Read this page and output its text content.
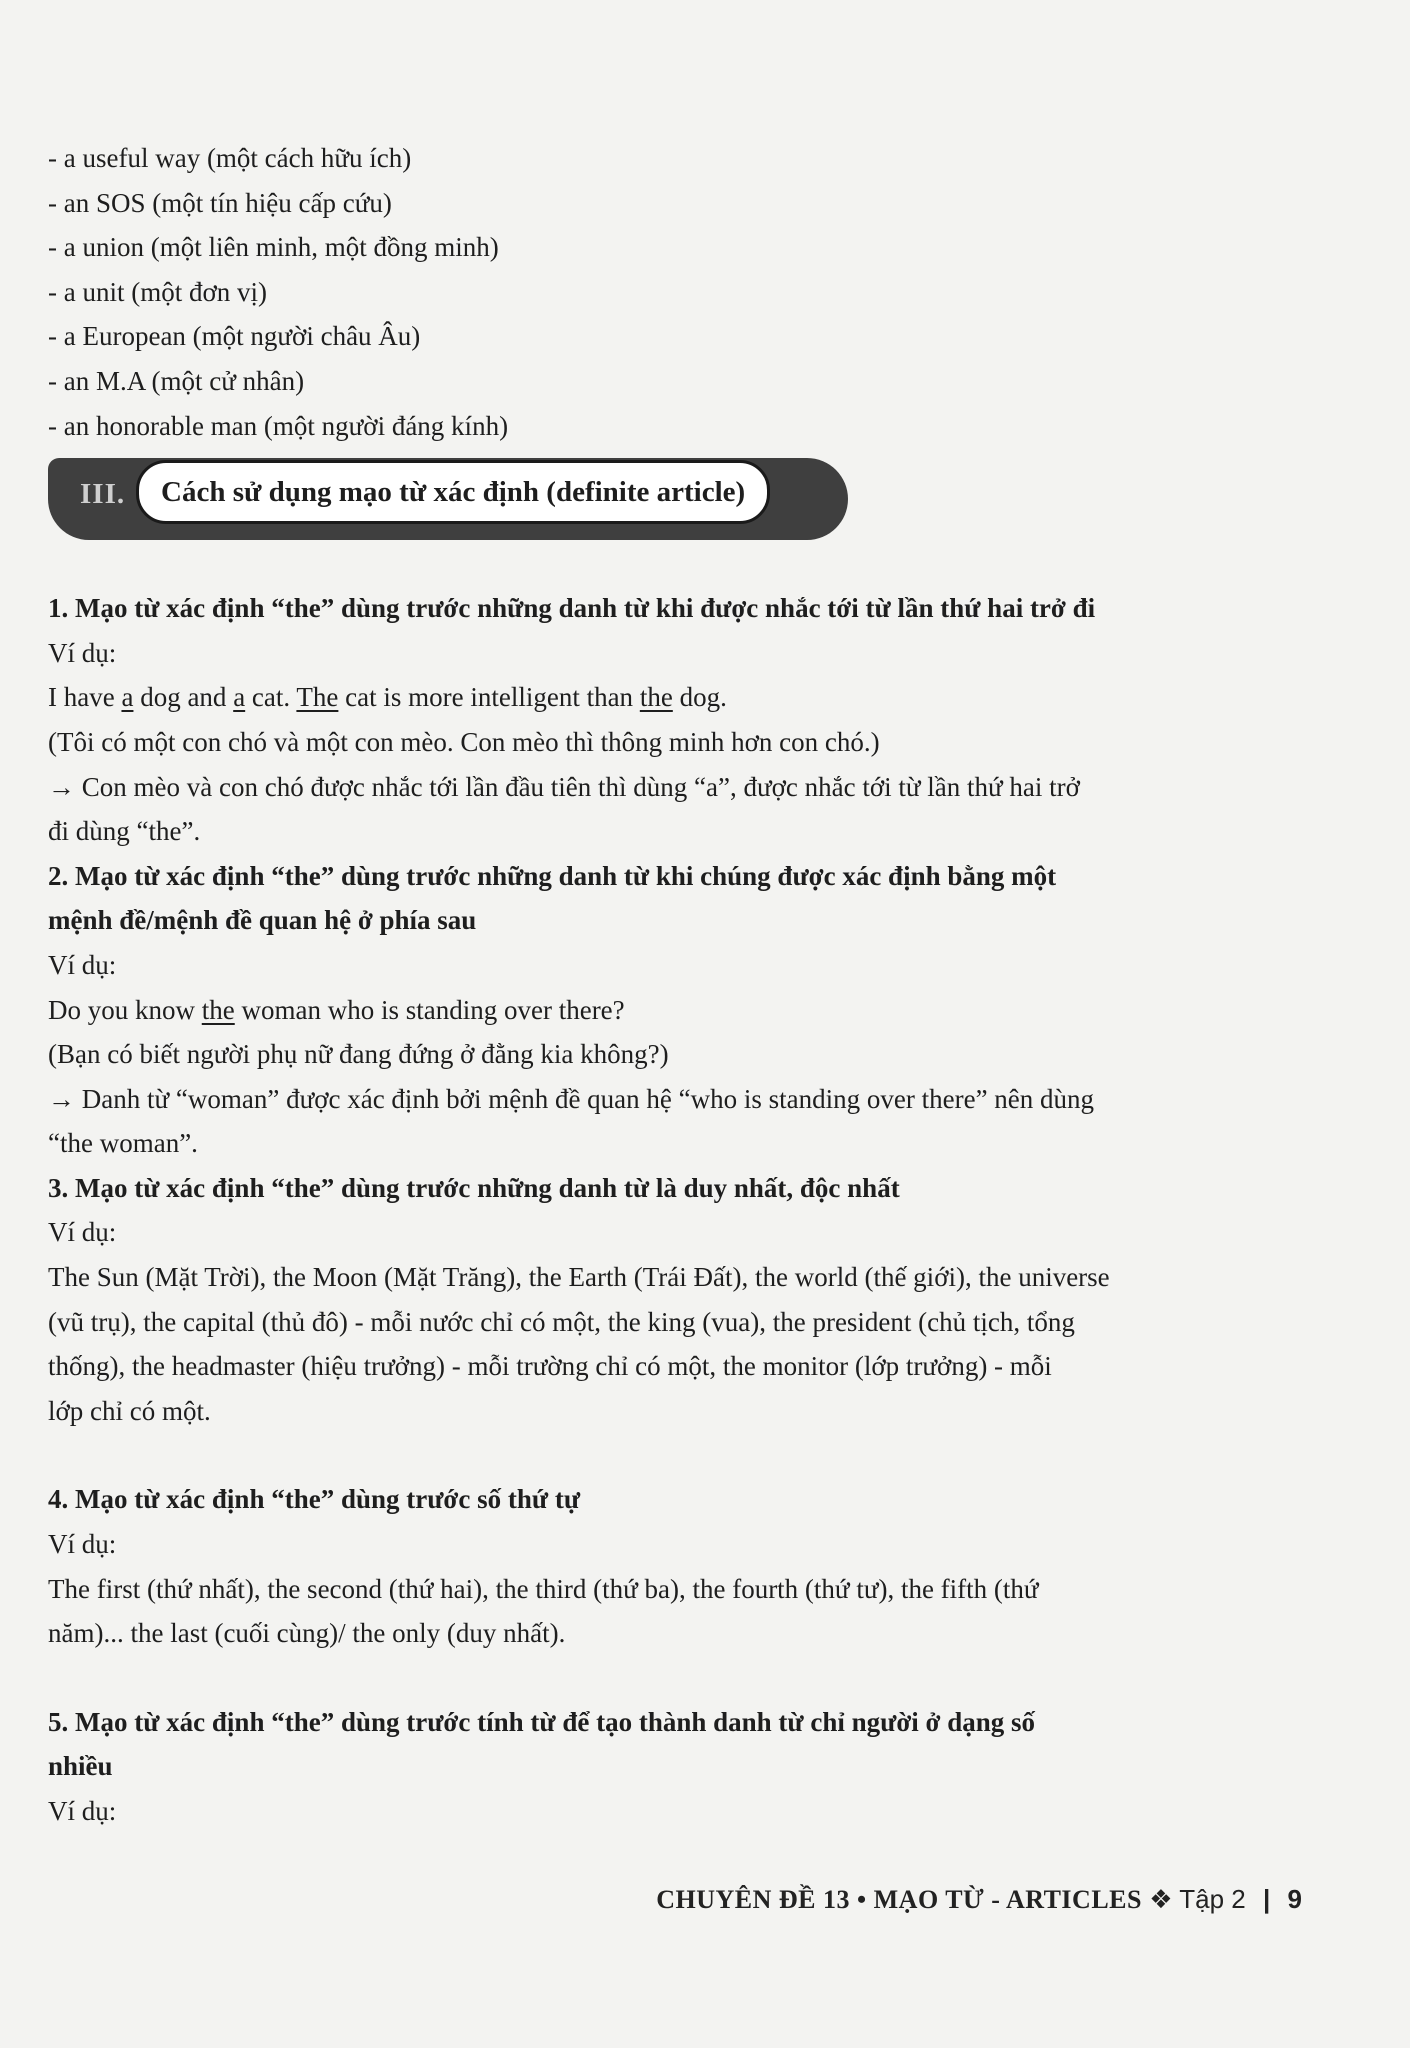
- a useful way (một cách hữu ích)
- an SOS (một tín hiệu cấp cứu)
- a union (một liên minh, một đồng minh)
- a unit (một đơn vị)
- a European (một người châu Âu)
- an M.A (một cử nhân)
- an honorable man (một người đáng kính)
III.	Cách sử dụng mạo từ xác định (definite article)
1. Mạo từ xác định “the” dùng trước những danh từ khi được nhắc tới từ lần thứ hai trở đi
Ví dụ:
I have a dog and a cat. The cat is more intelligent than the dog.
(Tôi có một con chó và một con mèo. Con mèo thì thông minh hơn con chó.)
→ Con mèo và con chó được nhắc tới lần đầu tiên thì dùng “a”, được nhắc tới từ lần thứ hai trở
đi dùng “the”.
2. Mạo từ xác định “the” dùng trước những danh từ khi chúng được xác định bằng một
mệnh đề/mệnh đề quan hệ ở phía sau
Ví dụ:
Do you know the woman who is standing over there?
(Bạn có biết người phụ nữ đang đứng ở đằng kia không?)
→ Danh từ “woman” được xác định bởi mệnh đề quan hệ “who is standing over there” nên dùng
“the woman”.
3. Mạo từ xác định “the” dùng trước những danh từ là duy nhất, độc nhất
Ví dụ:
The Sun (Mặt Trời), the Moon (Mặt Trăng), the Earth (Trái Đất), the world (thế giới), the universe
(vũ trụ), the capital (thủ đô) - mỗi nước chỉ có một, the king (vua), the president (chủ tịch, tổng
thống), the headmaster (hiệu trưởng) - mỗi trường chỉ có một, the monitor (lớp trưởng) - mỗi
lớp chỉ có một.
4. Mạo từ xác định “the” dùng trước số thứ tự
Ví dụ:
The first (thứ nhất), the second (thứ hai), the third (thứ ba), the fourth (thứ tư), the fifth (thứ
năm)... the last (cuối cùng)/ the only (duy nhất).
5. Mạo từ xác định “the” dùng trước tính từ để tạo thành danh từ chỉ người ở dạng số
nhiều
Ví dụ:
CHUYÊN ĐỀ 13 • MẠO TỪ - ARTICLES ❖ Tập 2 | 9
